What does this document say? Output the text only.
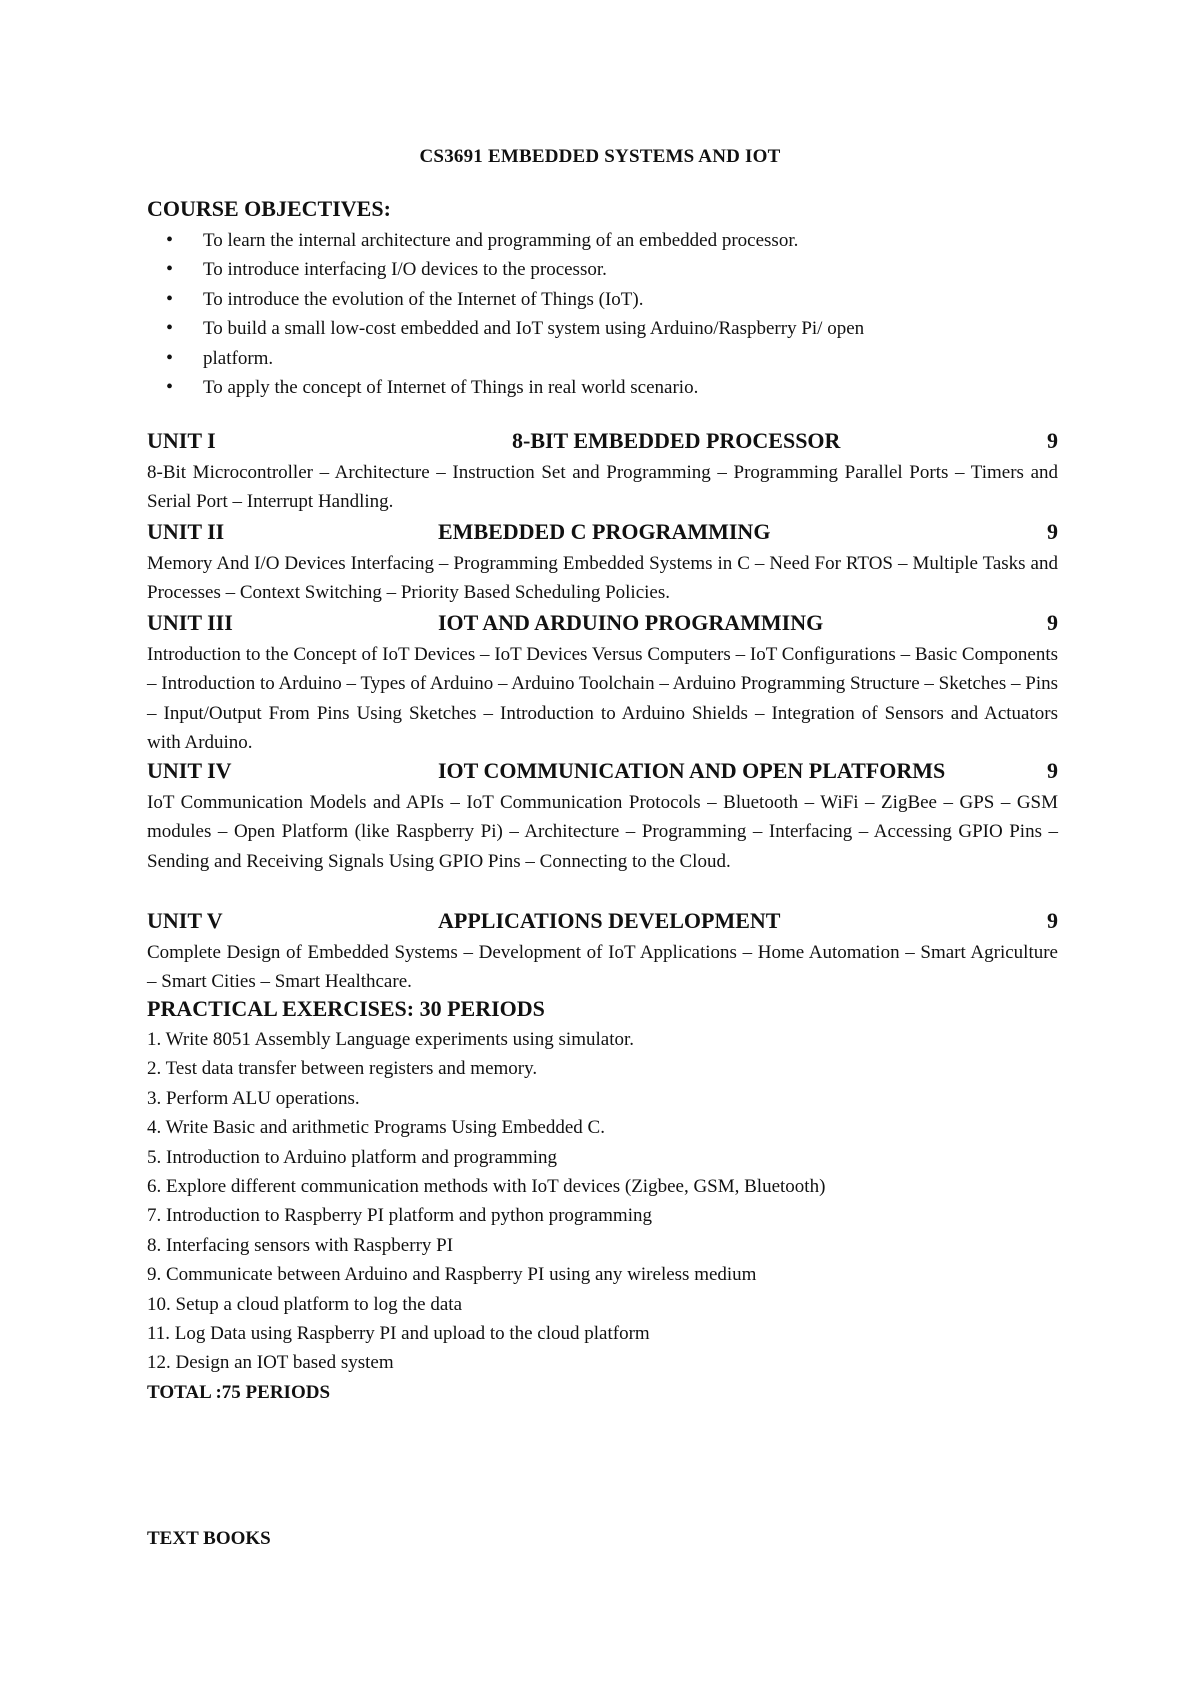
CS3691 EMBEDDED SYSTEMS AND IOT
COURSE OBJECTIVES:
• To learn the internal architecture and programming of an embedded processor.
• To introduce interfacing I/O devices to the processor.
• To introduce the evolution of the Internet of Things (IoT).
• To build a small low-cost embedded and IoT system using Arduino/Raspberry Pi/ open
• platform.
• To apply the concept of Internet of Things in real world scenario.
UNIT I	8-BIT EMBEDDED PROCESSOR	9
8-Bit Microcontroller – Architecture – Instruction Set and Programming – Programming Parallel Ports – Timers and Serial Port – Interrupt Handling.
UNIT II	EMBEDDED C PROGRAMMING	9
Memory And I/O Devices Interfacing – Programming Embedded Systems in C – Need For RTOS – Multiple Tasks and Processes – Context Switching – Priority Based Scheduling Policies.
UNIT III	IOT AND ARDUINO PROGRAMMING	9
Introduction to the Concept of IoT Devices – IoT Devices Versus Computers – IoT Configurations – Basic Components – Introduction to Arduino – Types of Arduino – Arduino Toolchain – Arduino Programming Structure – Sketches – Pins – Input/Output From Pins Using Sketches – Introduction to Arduino Shields – Integration of Sensors and Actuators with Arduino.
UNIT IV	IOT COMMUNICATION AND OPEN PLATFORMS	9
IoT Communication Models and APIs – IoT Communication Protocols – Bluetooth – WiFi – ZigBee – GPS – GSM modules – Open Platform (like Raspberry Pi) – Architecture – Programming – Interfacing – Accessing GPIO Pins – Sending and Receiving Signals Using GPIO Pins – Connecting to the Cloud.
UNIT V	APPLICATIONS DEVELOPMENT	9
Complete Design of Embedded Systems – Development of IoT Applications – Home Automation – Smart Agriculture – Smart Cities – Smart Healthcare.
PRACTICAL EXERCISES: 30 PERIODS
1. Write 8051 Assembly Language experiments using simulator.
2. Test data transfer between registers and memory.
3. Perform ALU operations.
4. Write Basic and arithmetic Programs Using Embedded C.
5. Introduction to Arduino platform and programming
6. Explore different communication methods with IoT devices (Zigbee, GSM, Bluetooth)
7. Introduction to Raspberry PI platform and python programming
8. Interfacing sensors with Raspberry PI
9. Communicate between Arduino and Raspberry PI using any wireless medium
10. Setup a cloud platform to log the data
11. Log Data using Raspberry PI and upload to the cloud platform
12. Design an IOT based system
TOTAL :75 PERIODS
TEXT BOOKS
